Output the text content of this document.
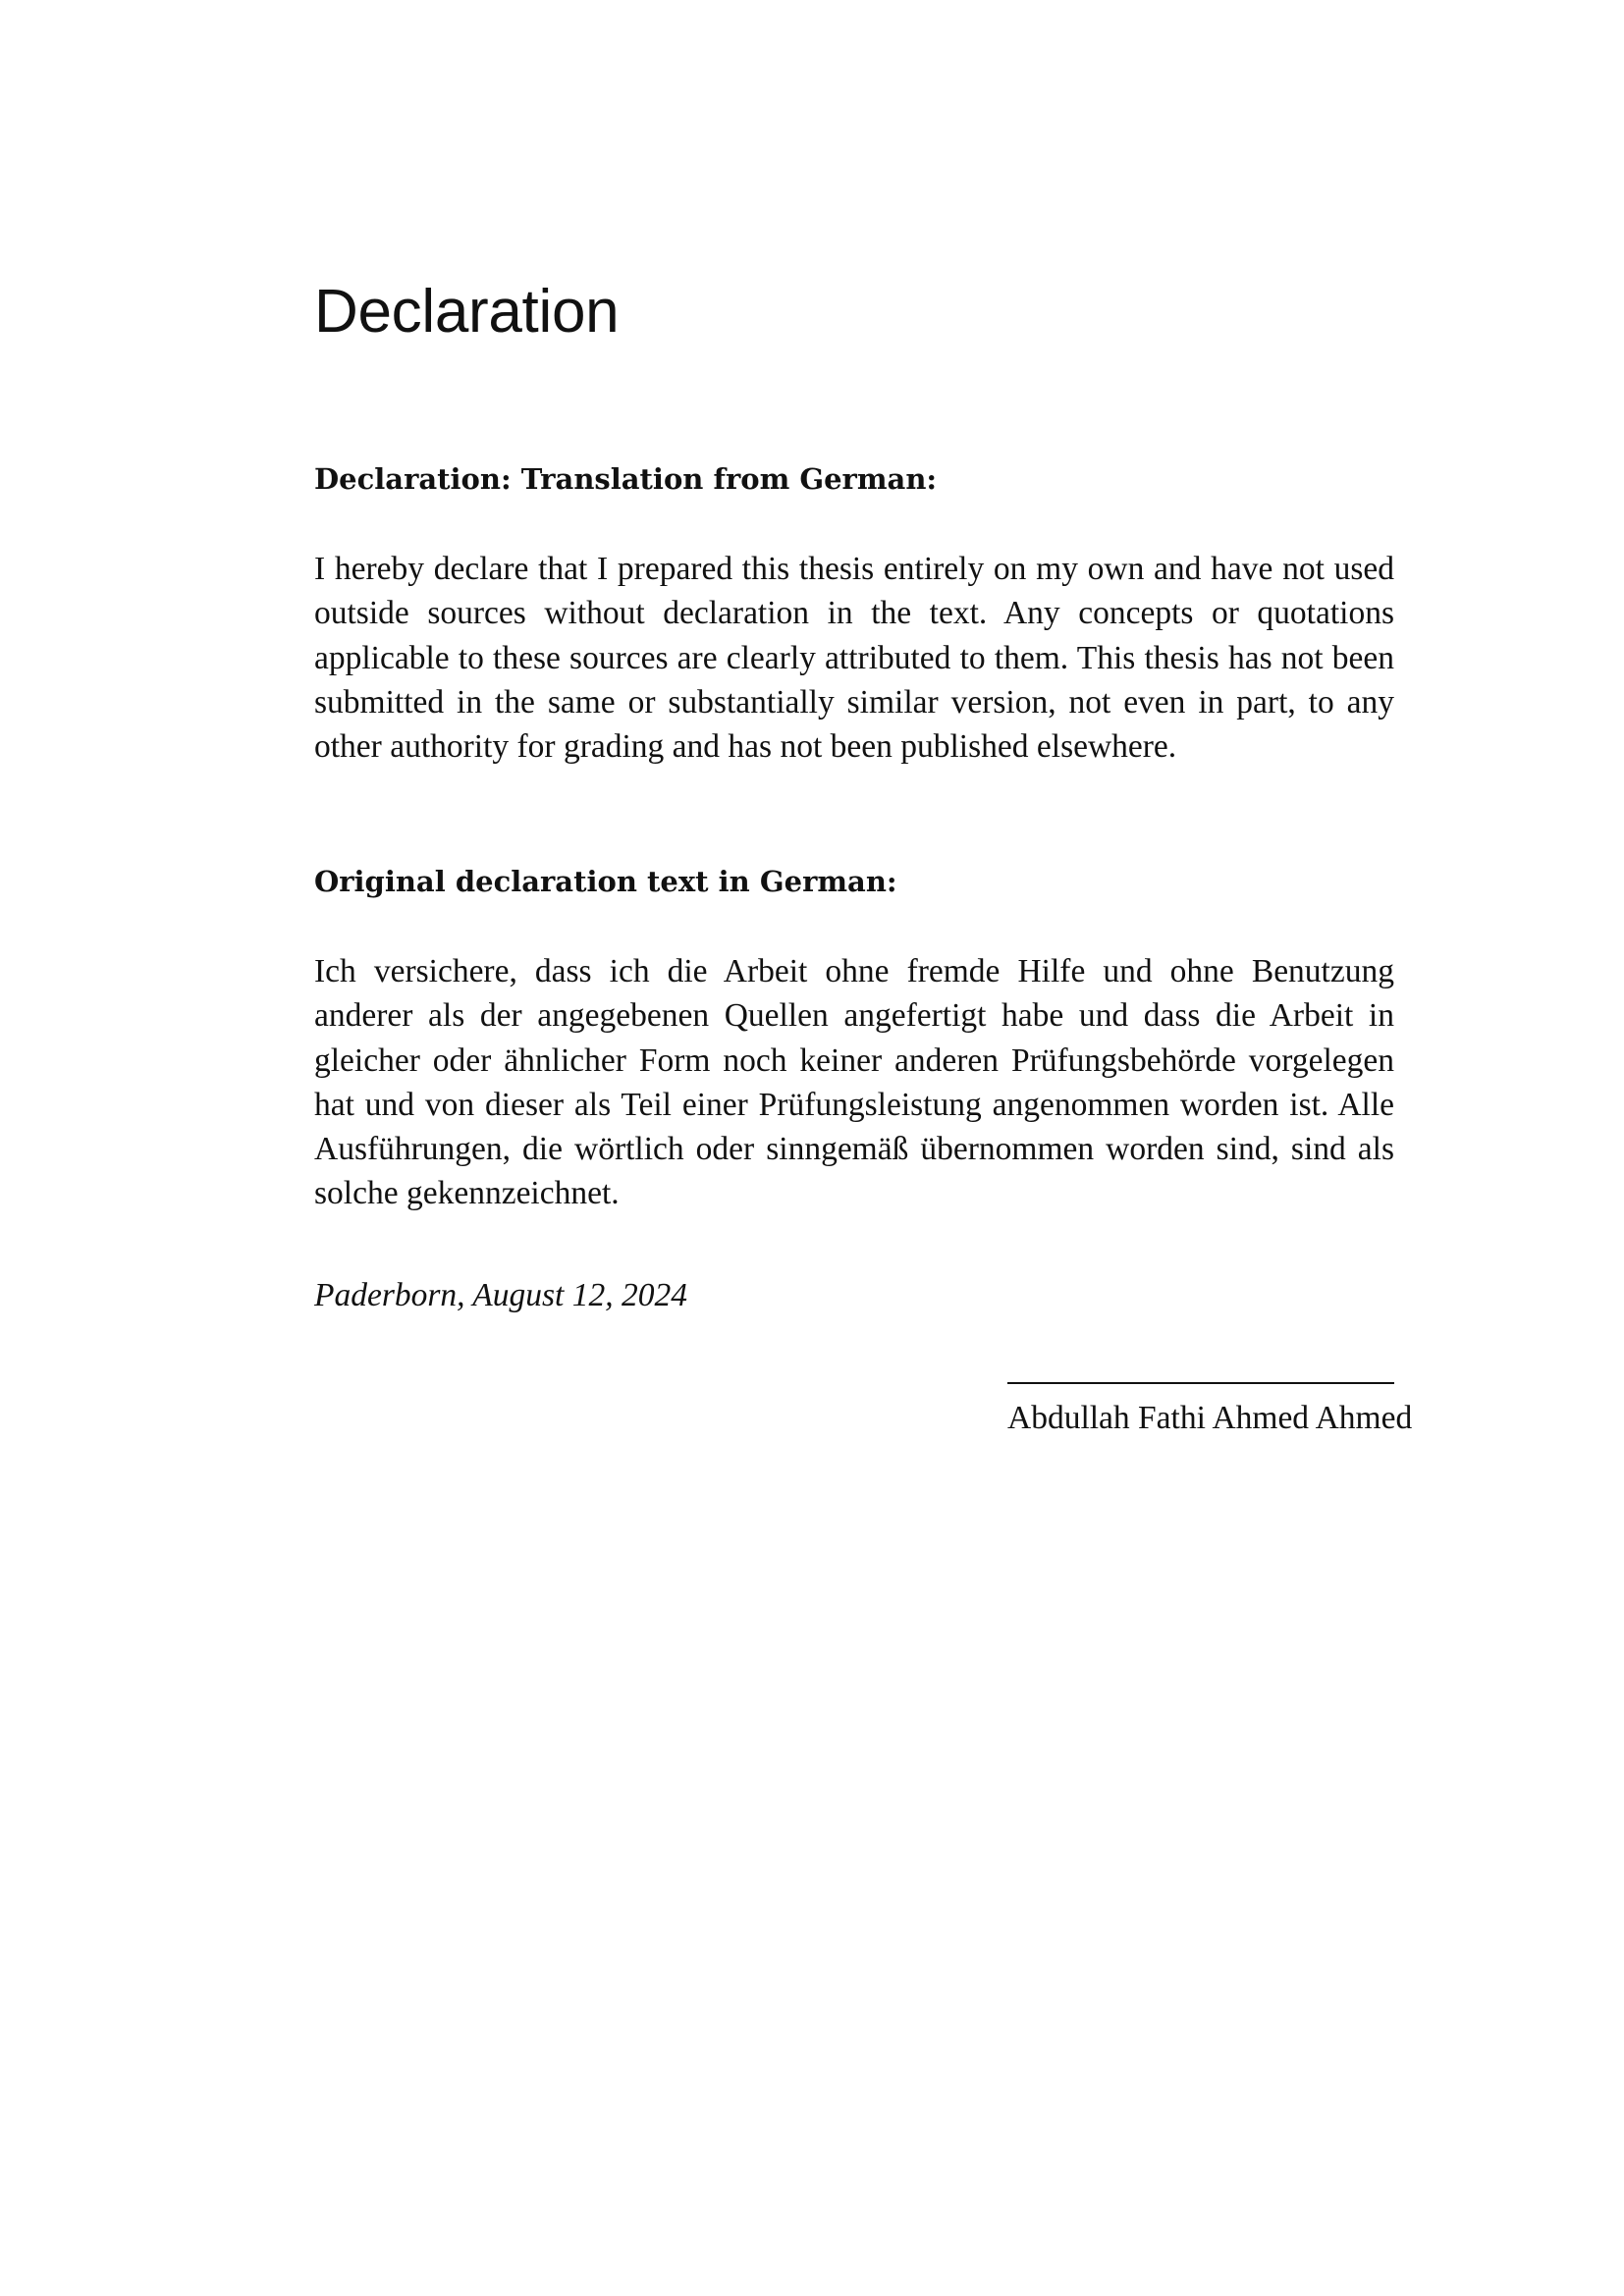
Declaration
Declaration: Translation from German:

I hereby declare that I prepared this thesis entirely on my own and have not used outside sources without declaration in the text. Any concepts or quotations applicable to these sources are clearly attributed to them. This thesis has not been submitted in the same or substantially similar version, not even in part, to any other authority for grading and has not been published elsewhere.

Original declaration text in German:

Ich versichere, dass ich die Arbeit ohne fremde Hilfe und ohne Benutzung anderer als der angegebenen Quellen angefertigt habe und dass die Arbeit in gleicher oder ähnlicher Form noch keiner anderen Prüfungsbehörde vorgelegen hat und von dieser als Teil einer Prüfungsleistung angenommen worden ist. Alle Ausführungen, die wörtlich oder sinngemäß übernommen worden sind, sind als solche gekennzeichnet.

Paderborn, August 12, 2024

Abdullah Fathi Ahmed Ahmed
